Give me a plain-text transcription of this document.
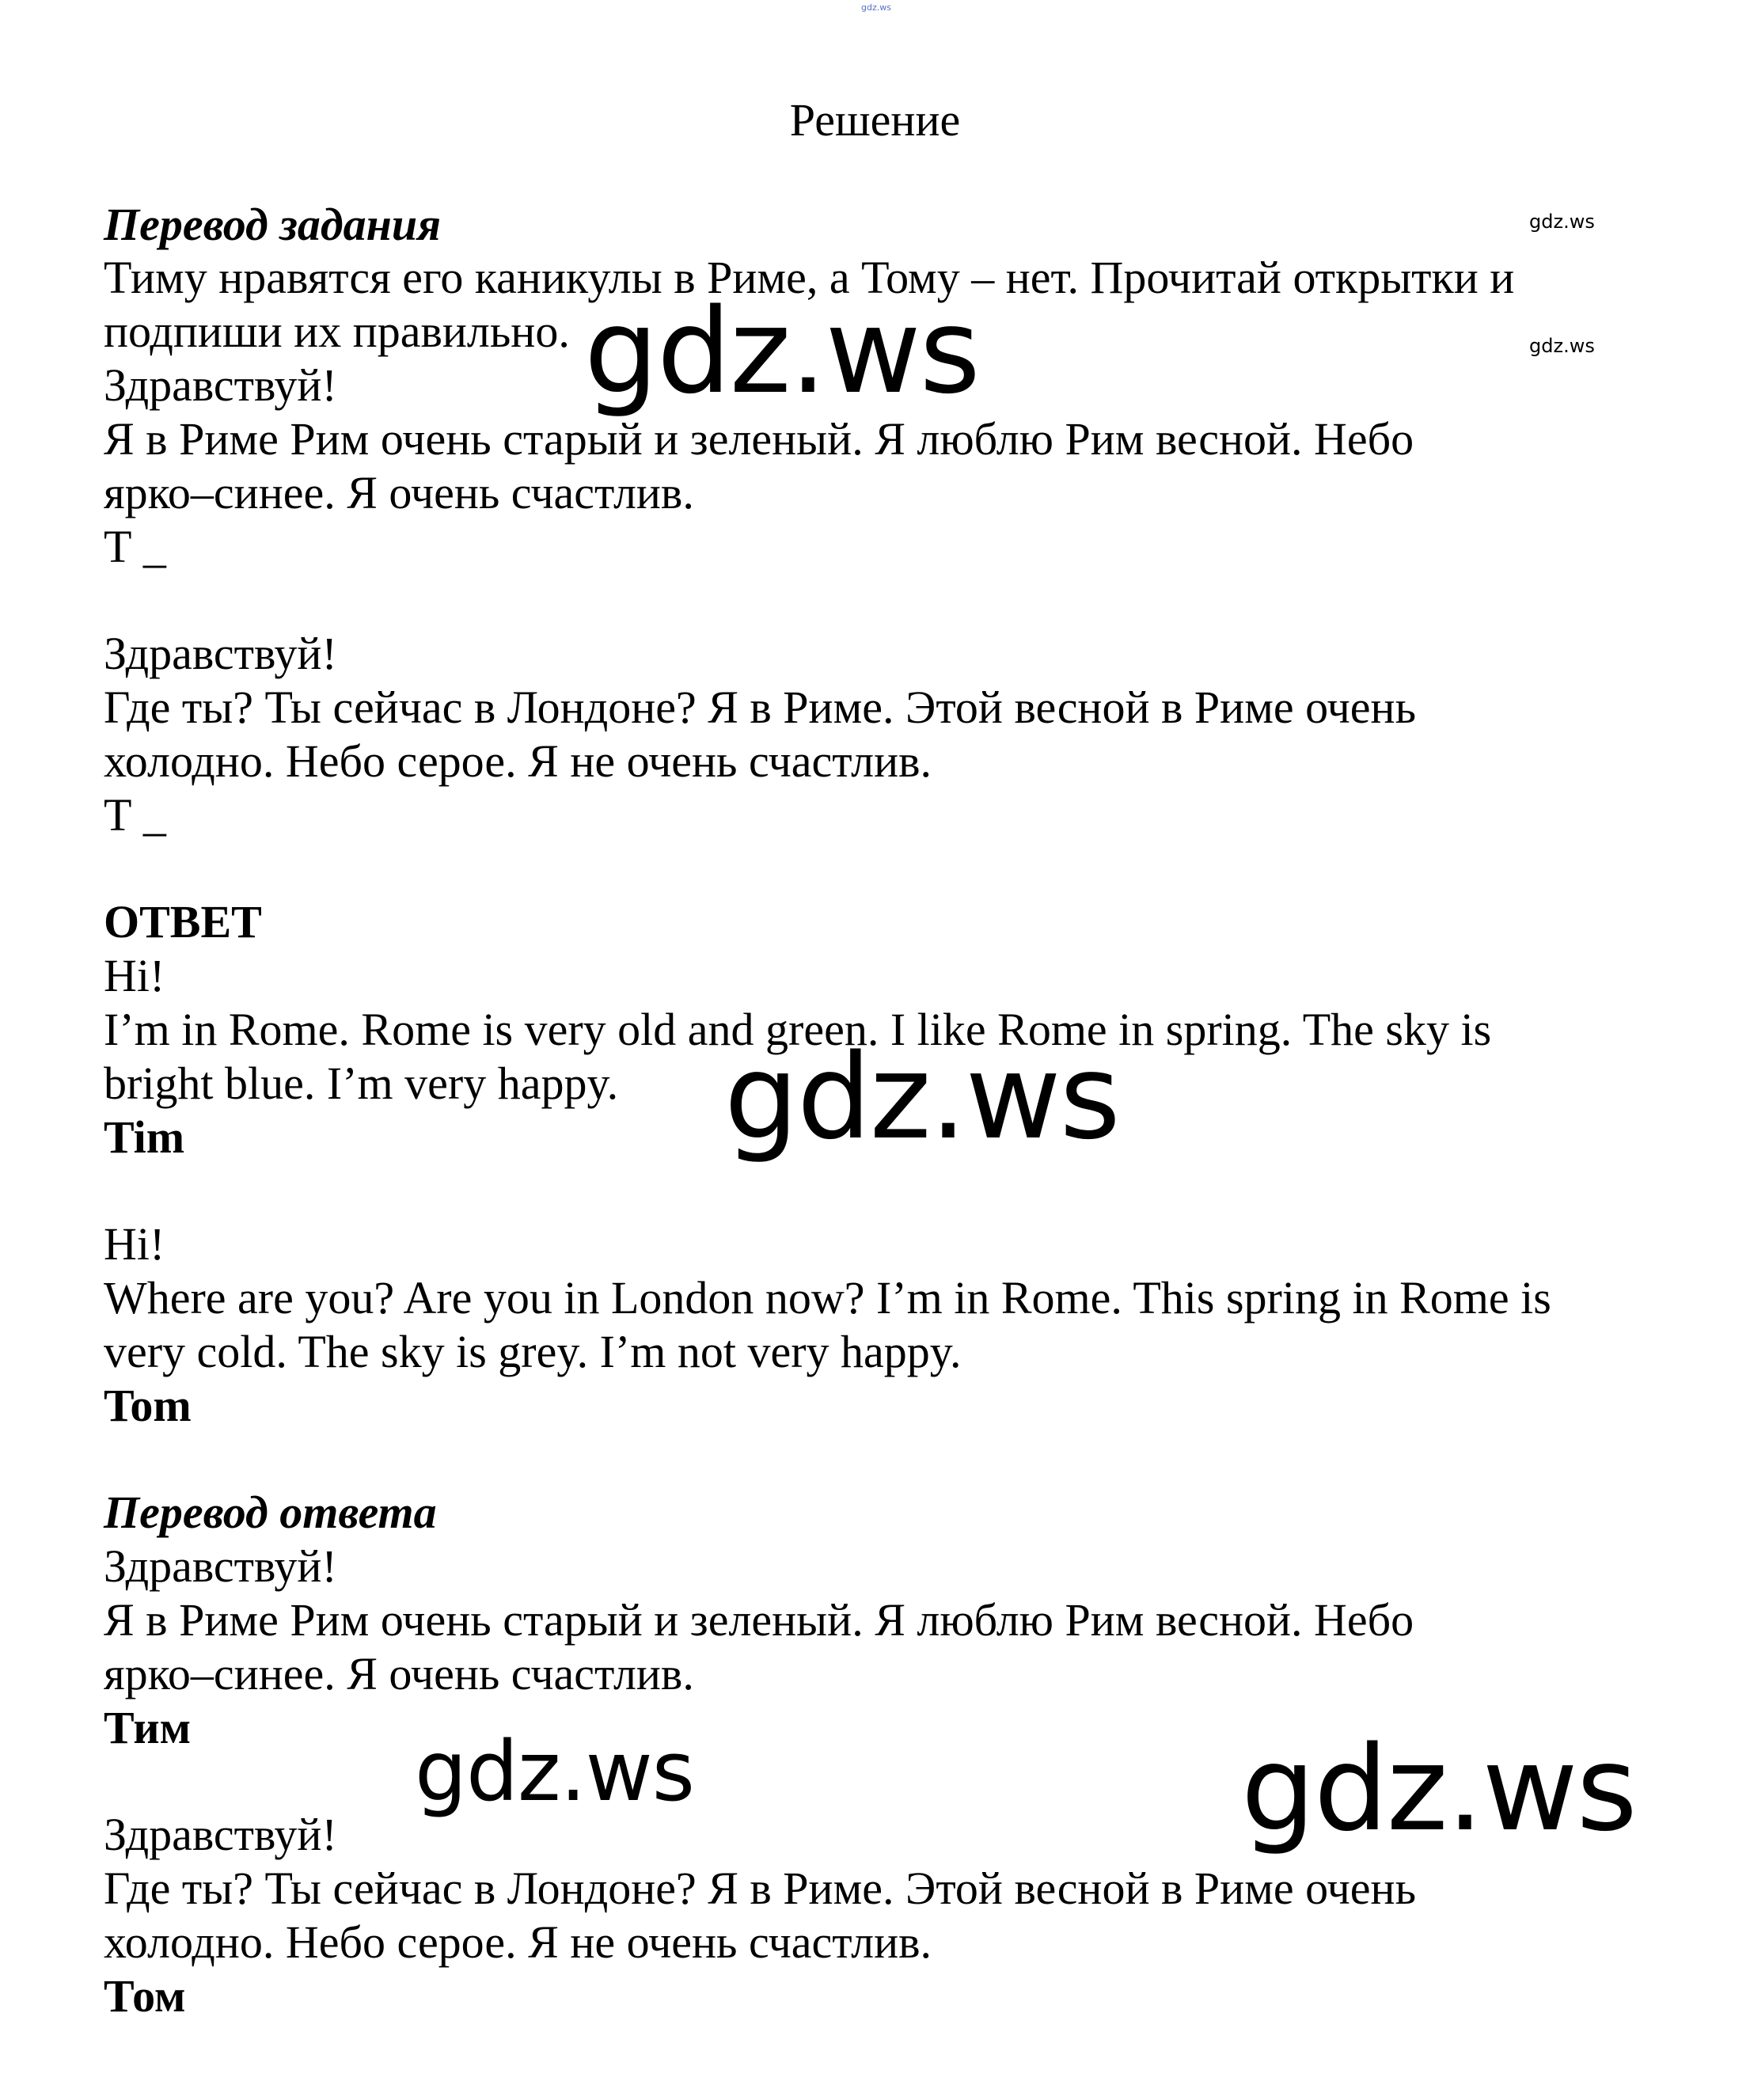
gdz.ws
Решение
Перевод задания
Тиму нравятся его каникулы в Риме, а Тому – нет. Прочитай открытки и
подпиши их правильно.
Здравствуй!
Я в Риме Рим очень старый и зеленый. Я люблю Рим весной. Небо
ярко–синее. Я очень счастлив.
Т _
Здравствуй!
Где ты? Ты сейчас в Лондоне? Я в Риме. Этой весной в Риме очень
холодно. Небо серое. Я не очень счастлив.
Т _
ОТВЕТ
Hi!
I’m in Rome. Rome is very old and green. I like Rome in spring. The sky is
bright blue. I’m very happy.
Tim
Hi!
Where are you? Are you in London now? I’m in Rome. This spring in Rome is
very cold. The sky is grey. I’m not very happy.
Tom
Перевод ответа
Здравствуй!
Я в Риме Рим очень старый и зеленый. Я люблю Рим весной. Небо
ярко–синее. Я очень счастлив.
Тим
Здравствуй!
Где ты? Ты сейчас в Лондоне? Я в Риме. Этой весной в Риме очень
холодно. Небо серое. Я не очень счастлив.
Том
gdz.ws
gdz.ws
gdz.ws
gdz.ws
gdz.ws	gdz.ws
